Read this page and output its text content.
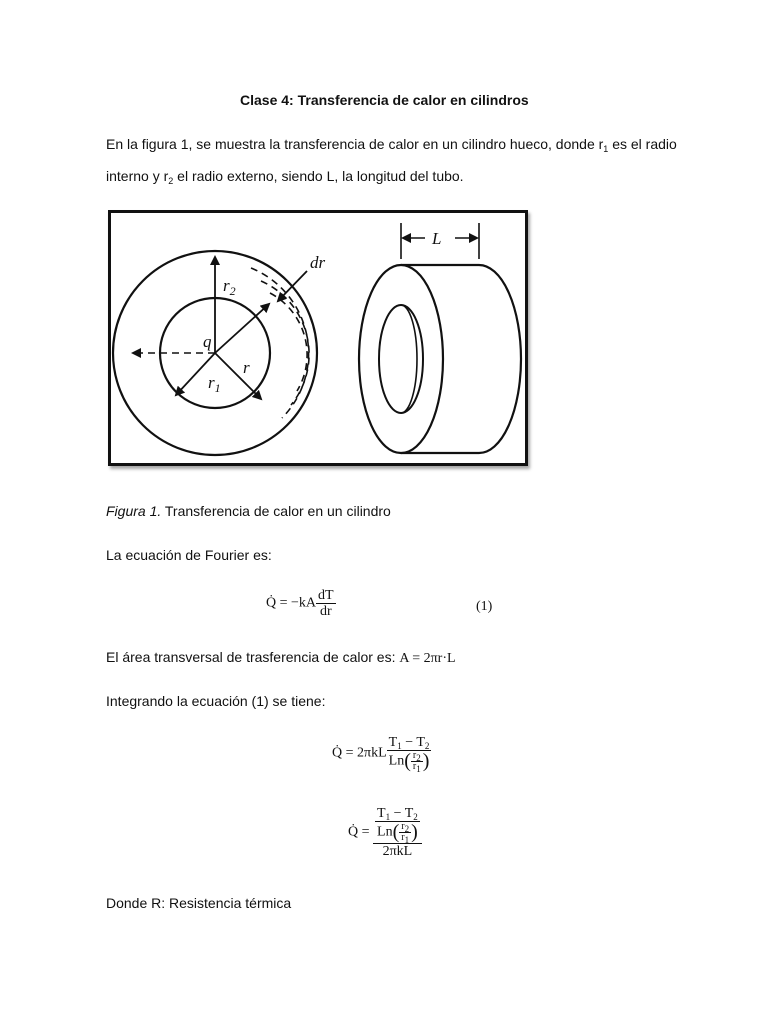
Clase 4: Transferencia de calor en cilindros
En la figura 1, se muestra la transferencia de calor en un cilindro hueco, donde $r_1$ es el radio
interno y $r_2$ el radio externo, siendo L, la longitud del tubo.
dr
$r_2$
q
$r_1$
r
L
Figura 1. Transferencia de calor en un cilindro
La ecuación de Fourier es:
Q̇ = $-kA \frac{dT}{dr}$	(1)
El área transversal de trasferencia de calor es: A = 2πr·L
Integrando la ecuación (1) se tiene:
Q̇ = $2\pi kL \frac{T_1 - T_2}{Ln( \frac{r_2}{r_1} )}$
Q̇ = $\frac{\frac{T_1 - T_2}{Ln( \frac{r_2}{r_1} )}}{\text{2πkL}}$
Donde R: Resistencia térmica
